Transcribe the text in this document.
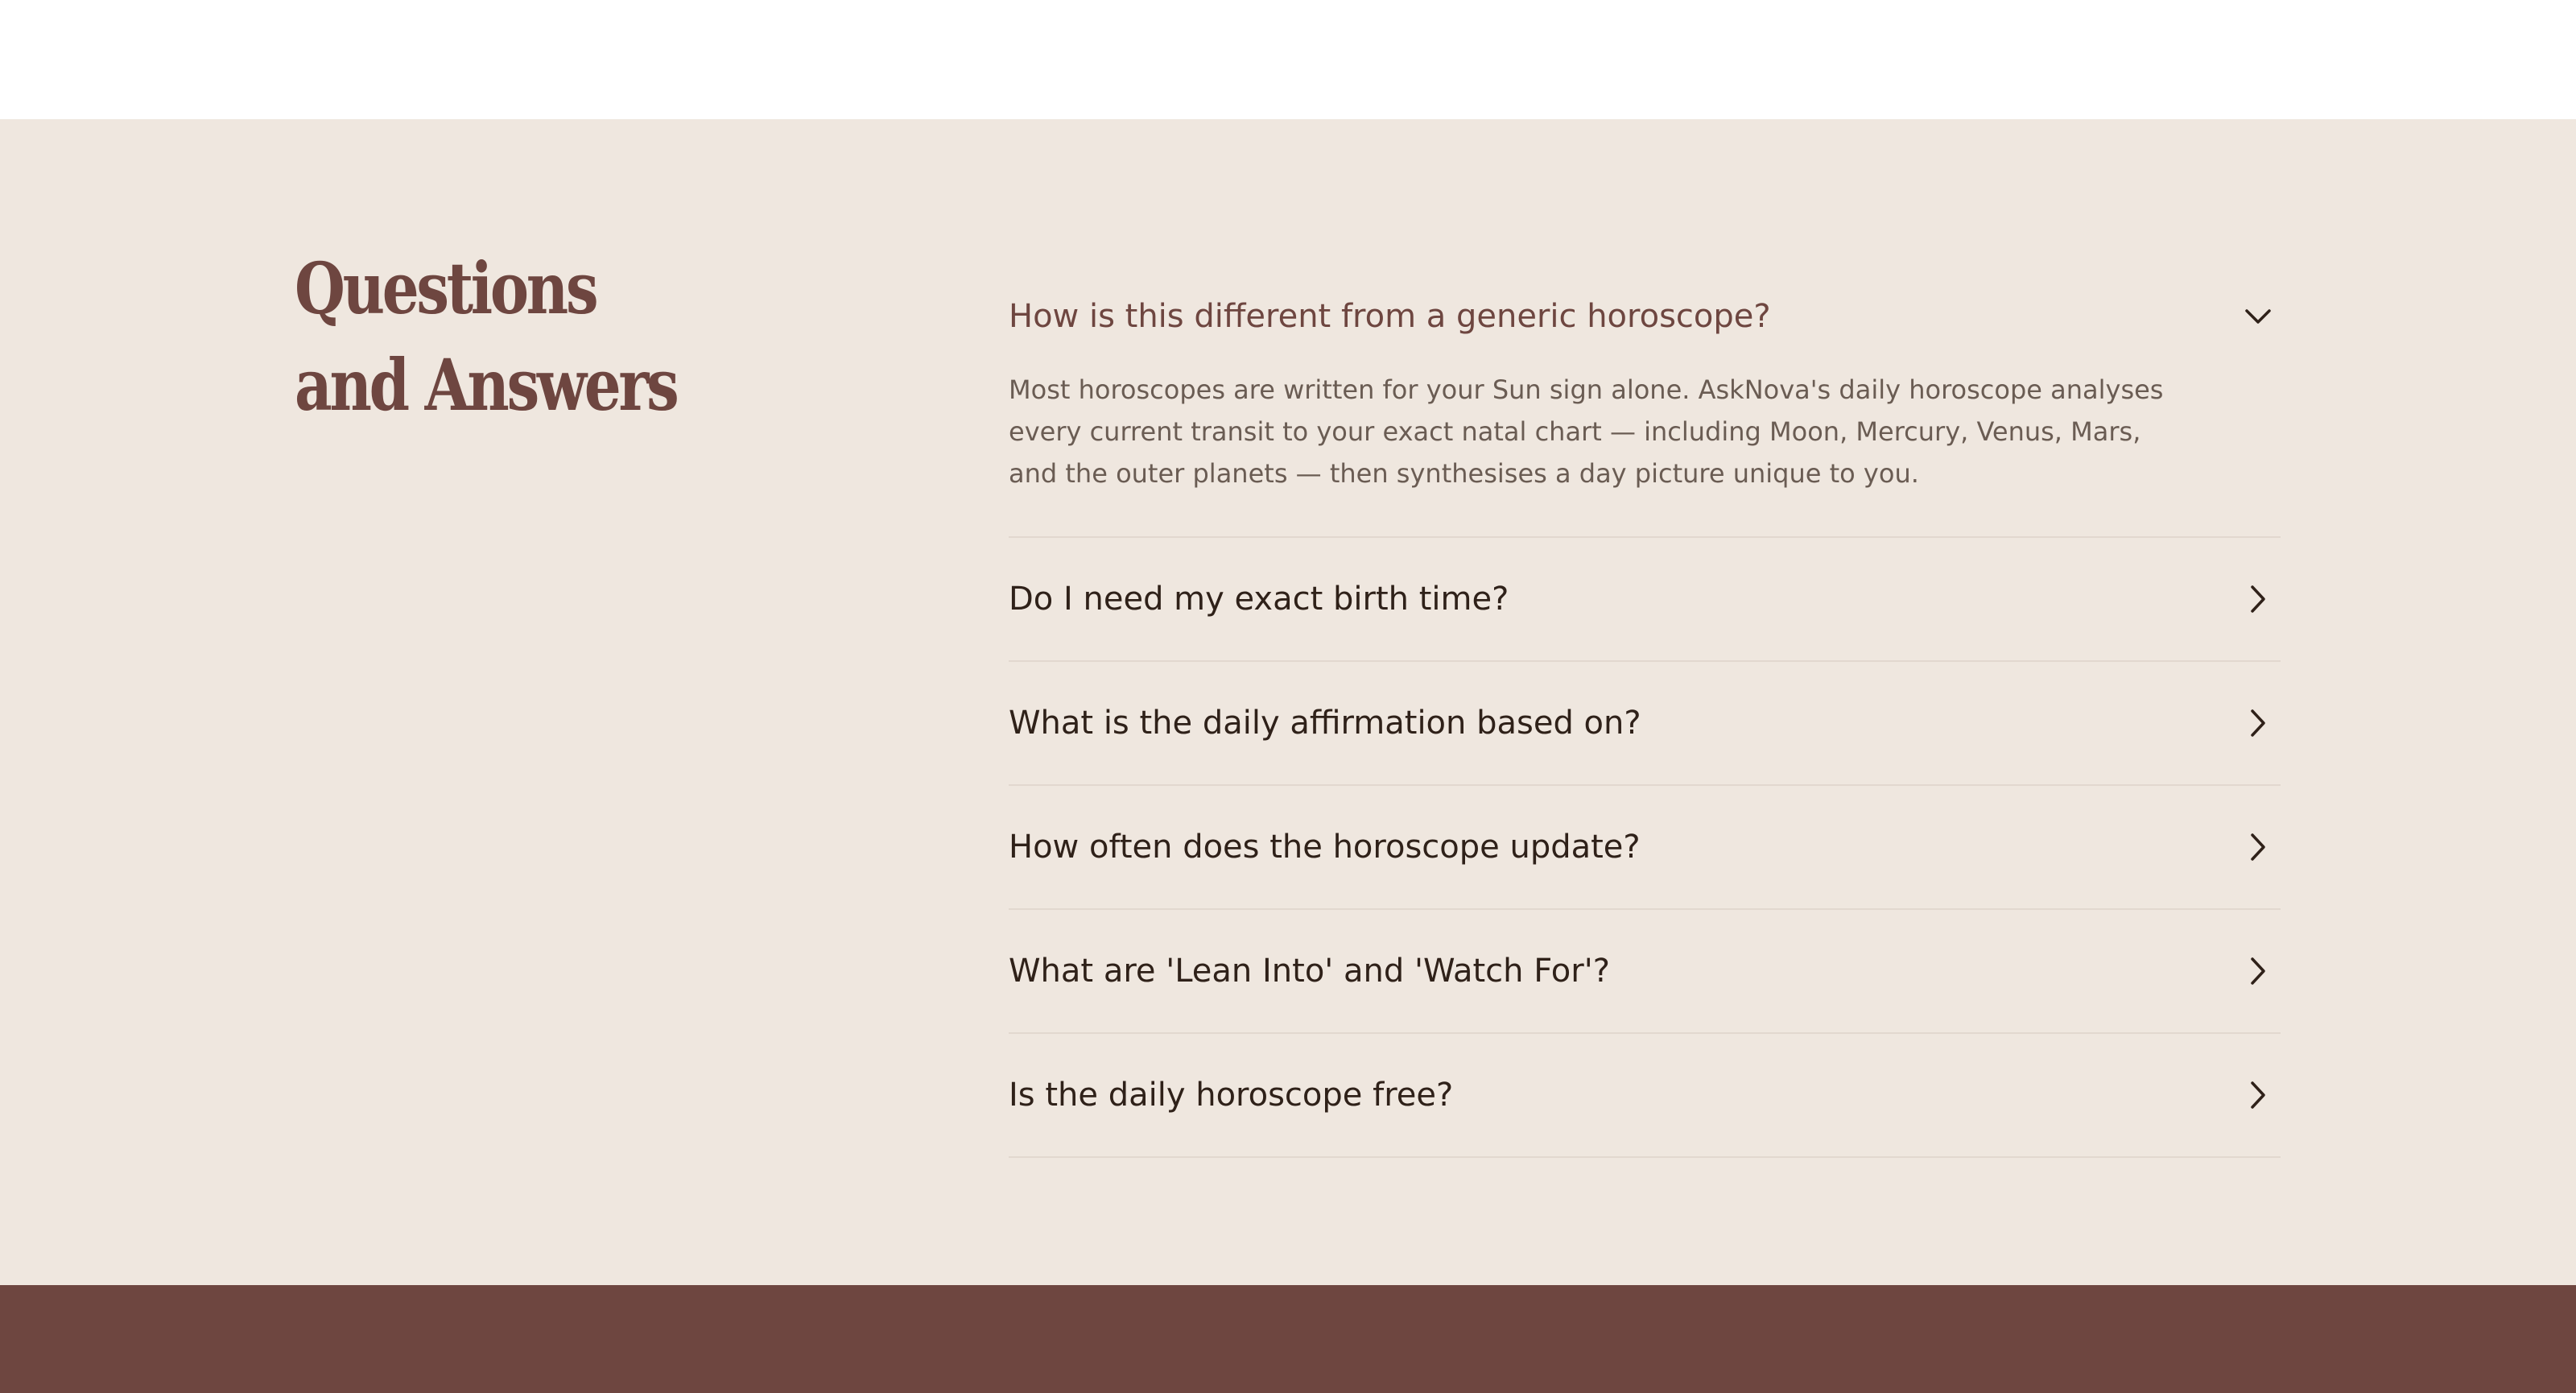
Questions
and Answers
How is this different from a generic horoscope?

Most horoscopes are written for your Sun sign alone. AskNova's daily horoscope analyses every current transit to your exact natal chart — including Moon, Mercury, Venus, Mars, and the outer planets — then synthesises a day picture unique to you.

Do I need my exact birth time?
What is the daily affirmation based on?
How often does the horoscope update?
What are 'Lean Into' and 'Watch For'?
Is the daily horoscope free?
